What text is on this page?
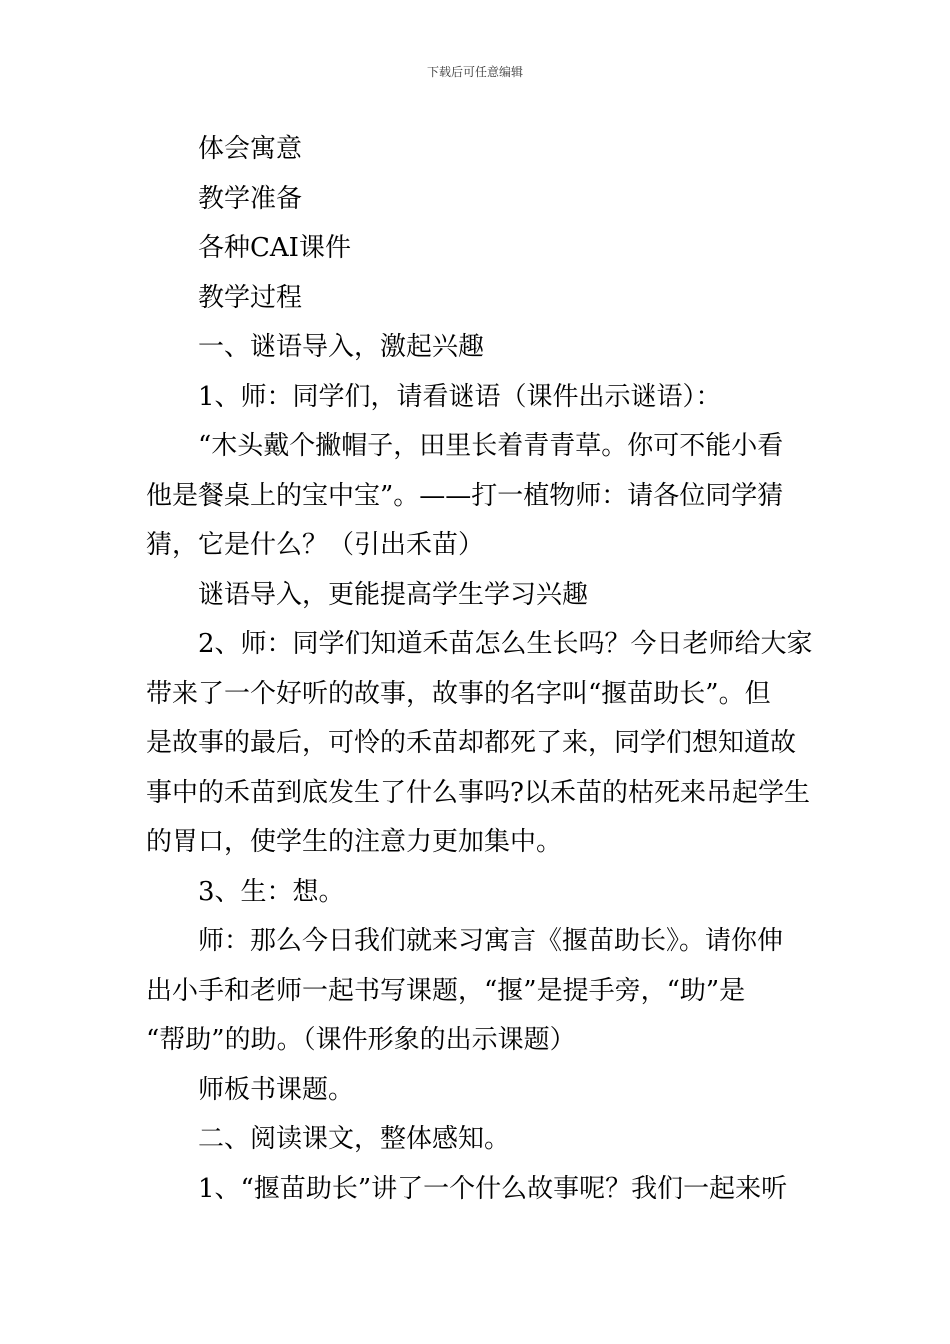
下载后可任意编辑
体会寓意
教学准备
各种CAI课件
教学过程
一、谜语导入，激起兴趣
1、师：同学们，请看谜语（课件出示谜语）：
“木头戴个撇帽子，田里长着青青草。你可不能小看
他是餐桌上的宝中宝”。——打一植物师：请各位同学猜
猜，它是什么？（引出禾苗）
谜语导入，更能提高学生学习兴趣
2、师：同学们知道禾苗怎么生长吗？今日老师给大家
带来了一个好听的故事，故事的名字叫“揠苗助长”。但
是故事的最后，可怜的禾苗却都死了来，同学们想知道故
事中的禾苗到底发生了什么事吗?以禾苗的枯死来吊起学生
的胃口，使学生的注意力更加集中。
3、生：想。
师：那么今日我们就来习寓言《揠苗助长》。请你伸
出小手和老师一起书写课题，“揠”是提手旁，“助”是
“帮助”的助。（课件形象的出示课题）
师板书课题。
二、阅读课文，整体感知。
1、“揠苗助长”讲了一个什么故事呢？我们一起来听
